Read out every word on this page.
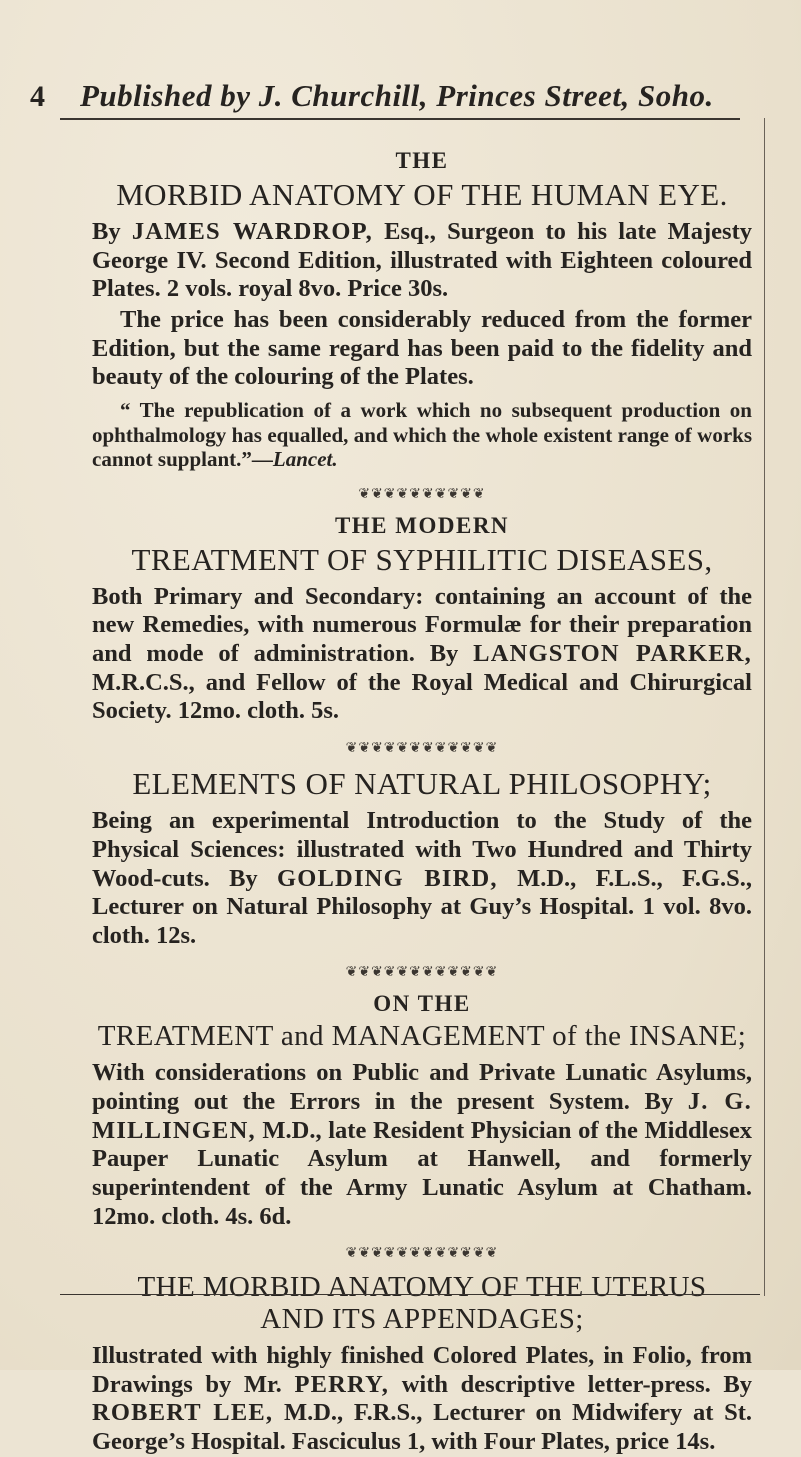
4 Published by J. Churchill, Princes Street, Soho.
THE
MORBID ANATOMY OF THE HUMAN EYE.

By JAMES WARDROP, Esq., Surgeon to his late Majesty George IV. Second Edition, illustrated with Eighteen coloured Plates. 2 vols. royal 8vo. Price 30s.

The price has been considerably reduced from the former Edition, but the same regard has been paid to the fidelity and beauty of the colouring of the Plates.

“ The republication of a work which no subsequent production on ophthalmology has equalled, and which the whole existent range of works cannot supplant.”—Lancet.

❦❦❦❦❦❦❦❦❦❦
THE MODERN
TREATMENT OF SYPHILITIC DISEASES,

Both Primary and Secondary: containing an account of the new Remedies, with numerous Formulæ for their preparation and mode of administration. By LANGSTON PARKER, M.R.C.S., and Fellow of the Royal Medical and Chirurgical Society. 12mo. cloth. 5s.

❦❦❦❦❦❦❦❦❦❦❦❦
ELEMENTS OF NATURAL PHILOSOPHY;

Being an experimental Introduction to the Study of the Physical Sciences: illustrated with Two Hundred and Thirty Wood-cuts. By GOLDING BIRD, M.D., F.L.S., F.G.S., Lecturer on Natural Philosophy at Guy’s Hospital. 1 vol. 8vo. cloth. 12s.

❦❦❦❦❦❦❦❦❦❦❦❦
ON THE
TREATMENT and MANAGEMENT of the INSANE;

With considerations on Public and Private Lunatic Asylums, pointing out the Errors in the present System. By J. G. MILLINGEN, M.D., late Resident Physician of the Middlesex Pauper Lunatic Asylum at Hanwell, and formerly superintendent of the Army Lunatic Asylum at Chatham. 12mo. cloth. 4s. 6d.

❦❦❦❦❦❦❦❦❦❦❦❦
THE MORBID ANATOMY OF THE UTERUS
AND ITS APPENDAGES;

Illustrated with highly finished Colored Plates, in Folio, from Drawings by Mr. PERRY, with descriptive letter-press. By ROBERT LEE, M.D., F.R.S., Lecturer on Midwifery at St. George’s Hospital. Fasciculus 1, with Four Plates, price 14s.
